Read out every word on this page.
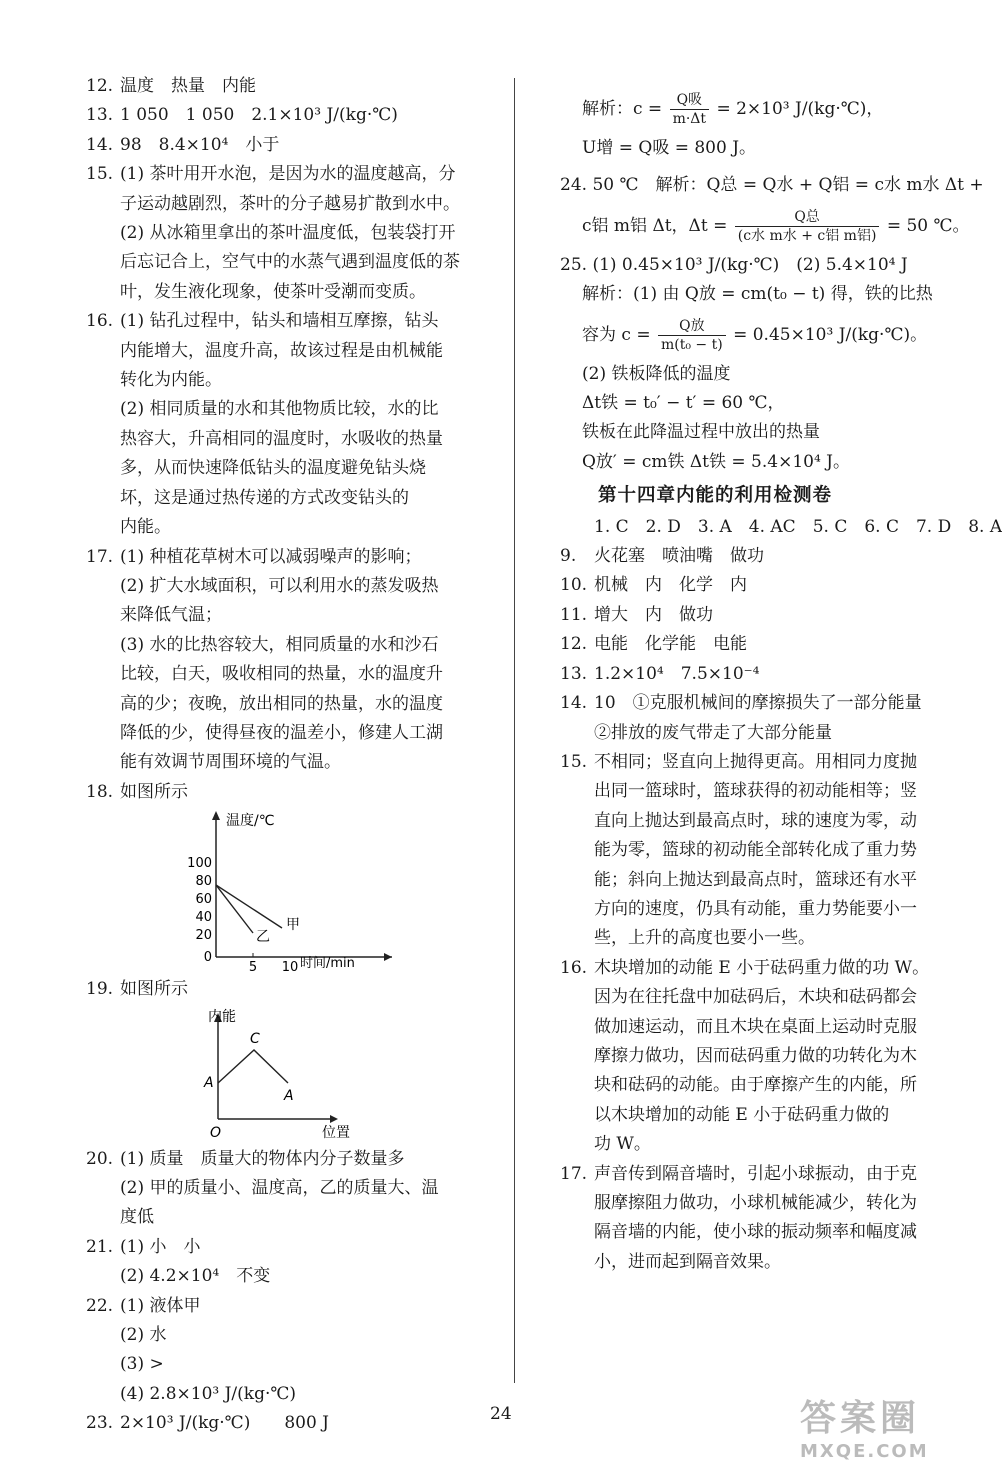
12. 温度　热量　内能
13. 1 050　1 050　2.1×10³ J/(kg·℃)
14. 98　8.4×10⁴　小于
15. (1) 茶叶用开水泡，是因为水的温度越高，分
子运动越剧烈，茶叶的分子越易扩散到水中。
(2) 从冰箱里拿出的茶叶温度低，包装袋打开
后忘记合上，空气中的水蒸气遇到温度低的茶
叶，发生液化现象，使茶叶受潮而变质。
16. (1) 钻孔过程中，钻头和墙相互摩擦，钻头
内能增大，温度升高，故该过程是由机械能
转化为内能。
(2) 相同质量的水和其他物质比较，水的比
热容大，升高相同的温度时，水吸收的热量
多，从而快速降低钻头的温度避免钻头烧
坏，这是通过热传递的方式改变钻头的
内能。
17. (1) 种植花草树木可以减弱噪声的影响；
(2) 扩大水域面积，可以利用水的蒸发吸热
来降低气温；
(3) 水的比热容较大，相同质量的水和沙石
比较，白天，吸收相同的热量，水的温度升
高的少；夜晚，放出相同的热量，水的温度
降低的少，使得昼夜的温差小，修建人工湖
能有效调节周围环境的气温。
18. 如图所示
温度/℃
时间/min
100
80
60
40
20
0
5 10
甲
乙
19. 如图所示
内能
位置
O
A
C
A
20. (1) 质量　质量大的物体内分子数量多
(2) 甲的质量小、温度高，乙的质量大、温
度低
21. (1) 小　小
(2) 4.2×10⁴　不变
22. (1) 液体甲
(2) 水
(3) >
(4) 2.8×10³ J/(kg·℃)
23. 2×10³ J/(kg·℃)　　800 J
解析：$c = \frac{\text{Q吸}}{m\cdot\Delta t} = 2\times 10^3$ J/(kg·℃)，
U增 = Q吸 = 800 J。
24. 50 ℃　解析：Q总 = Q水 + Q铝 = c水 m水 Δt +
c铝 m铝 Δt，$\Delta t = \frac{\text{Q总}}{\text{(c水 m水 + c铝 m铝)}} = 50$ ℃。
25. (1) 0.45×10³ J/(kg·℃)　(2) 5.4×10⁴ J
解析：(1) 由 Q放 = cm(t₀ − t) 得，铁的比热
容为 $c = \frac{\text{Q放}}{\text{m(t₀ − t)}} = 0.45\times 10^3$ J/(kg·℃)。
(2) 铁板降低的温度
Δt铁 = t₀′ − t′ = 60 ℃，
铁板在此降温过程中放出的热量
Q放′ = cm铁 Δt铁 = 5.4×10⁴ J。
第十四章内能的利用检测卷
1. C　2. D　3. A　4. AC　5. C　6. C　7. D　8. A
9. 火花塞　喷油嘴　做功
10. 机械　内　化学　内
11. 增大　内　做功
12. 电能　化学能　电能
13. 1.2×10⁴　7.5×10⁻⁴
14. 10　①克服机械间的摩擦损失了一部分能量
②排放的废气带走了大部分能量
15. 不相同；竖直向上抛得更高。用相同力度抛
出同一篮球时，篮球获得的初动能相等；竖
直向上抛达到最高点时，球的速度为零，动
能为零，篮球的初动能全部转化成了重力势
能；斜向上抛达到最高点时，篮球还有水平
方向的速度，仍具有动能，重力势能要小一
些，上升的高度也要小一些。
16. 木块增加的动能 E 小于砝码重力做的功 W。
因为在往托盘中加砝码后，木块和砝码都会
做加速运动，而且木块在桌面上运动时克服
摩擦力做功，因而砝码重力做的功转化为木
块和砝码的动能。由于摩擦产生的内能，所
以木块增加的动能 E 小于砝码重力做的
功 W。
17. 声音传到隔音墙时，引起小球振动，由于克
服摩擦阻力做功，小球机械能减少，转化为
隔音墙的内能，使小球的振动频率和幅度减
小，进而起到隔音效果。
24	答案圈
MXQE.COM
